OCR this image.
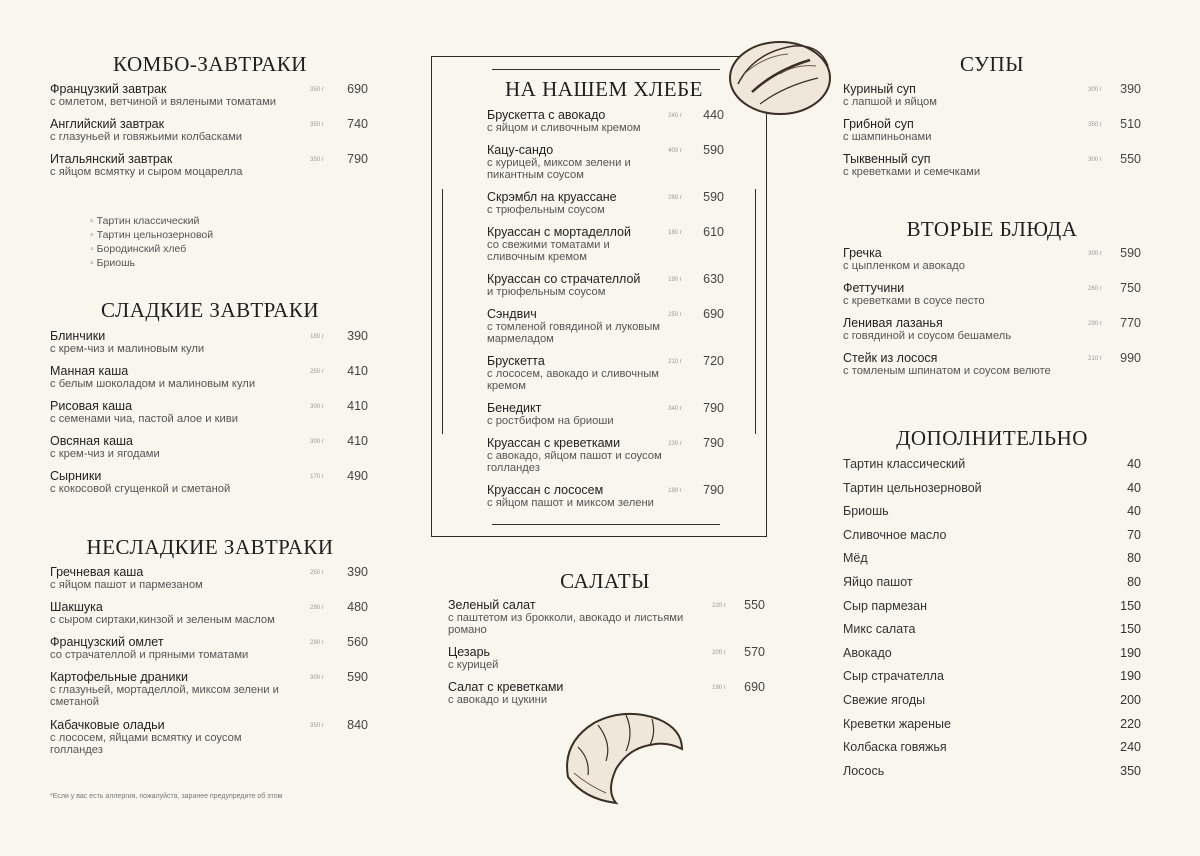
КОМБО-ЗАВТРАКИ
Французкий завтрак
с омлетом, ветчиной и вялеными томатами
350 г 690
Английский завтрак
с глазуньей и говяжьими колбасками
350 г 740
Итальянский завтрак
с яйцом всмятку и сыром моцарелла
350 г 790
◦ Тартин классический
◦ Тартин цельнозерновой
◦ Бородинский хлеб
◦ Бриошь
СЛАДКИЕ ЗАВТРАКИ
Блинчики
с крем-чиз и малиновым кули
180 г 390
Манная каша
с белым шоколадом и малиновым кули
250 г 410
Рисовая каша
с семенами чиа, пастой алое и киви
300 г 410
Овсяная каша
с крем-чиз и ягодами
300 г 410
Сырники
с кокосовой сгущенкой и сметаной
170 г 490
НЕСЛАДКИЕ ЗАВТРАКИ
Гречневая каша
с яйцом пашот и пармезаном
250 г 390
Шакшука
с сыром сиртаки,кинзой и зеленым маслом
280 г 480
Французский омлет
со страчателлой и пряными томатами
290 г 560
Картофельные драники
с глазуньей, мортаделлой, миксом зелени и сметаной
300 г 590
Кабачковые оладьи
с лососем, яйцами всмятку и соусом голландез
350 г 840
*Если у вас есть аллергия, пожалуйста, заранее предупредите об этом
НА НАШЕМ ХЛЕБЕ
Брускетта с авокадо
с яйцом и сливочным кремом
240 г 440
Кацу-сандо
с курицей, миксом зелени и пикантным соусом
400 г 590
Скрэмбл на круассане
с трюфельным соусом
260 г 590
Круассан с мортаделлой
со свежими томатами и сливочным кремом
180 г 610
Круассан со страчателлой
и трюфельным соусом
190 г 630
Сэндвич
с томленой говядиной и луковым мармеладом
250 г 690
Брускетта
с лососем, авокадо и сливочным кремом
210 г 720
Бенедикт
с ростбифом на бриоши
340 г 790
Круассан с креветками
с авокадо, яйцом пашот и соусом голландез
230 г 790
Круассан с лососем
с яйцом пашот и миксом зелени
190 г 790
САЛАТЫ
Зеленый салат
с паштетом из брокколи, авокадо и листьями романо
220 г 550
Цезарь
с курицей
200 г 570
Салат с креветками
с авокадо и цукини
190 г 690
СУПЫ
Куриный суп
с лапшой и яйцом
300 г 390
Грибной суп
с шампиньонами
350 г 510
Тыквенный суп
с креветками и семечками
300 г 550
ВТОРЫЕ БЛЮДА
Гречка
с цыпленком и авокадо
300 г 590
Феттучини
с креветками в соусе песто
260 г 750
Ленивая лазанья
с говядиной и соусом бешамель
290 г 770
Стейк из лосося
с томленым шпинатом и соусом велюте
210 г 990
ДОПОЛНИТЕЛЬНО
Тартин классический	40
Тартин цельнозерновой	40
Бриошь	40
Сливочное масло	70
Мёд	80
Яйцо пашот	80
Сыр пармезан	150
Микс салата	150
Авокадо	190
Сыр страчателла	190
Свежие ягоды	200
Креветки жареные	220
Колбаска говяжья	240
Лосось	350
